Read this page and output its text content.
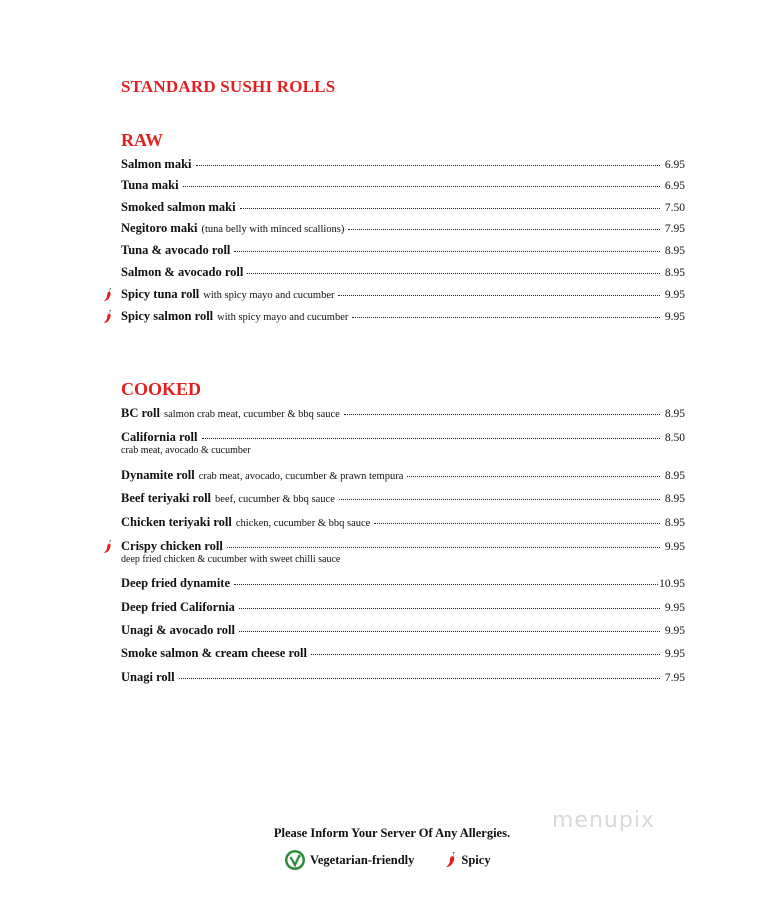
STANDARD SUSHI ROLLS
RAW
Salmon maki	6.95
Tuna maki	6.95
Smoked salmon maki	7.50
Negitoro maki (tuna belly with minced scallions)	7.95
Tuna & avocado roll	8.95
Salmon & avocado roll	8.95
Spicy tuna roll with spicy mayo and cucumber	9.95
Spicy salmon roll with spicy mayo and cucumber	9.95
COOKED
BC roll salmon crab meat, cucumber & bbq sauce	8.95
California roll	8.50
crab meat, avocado & cucumber
Dynamite roll crab meat, avocado, cucumber & prawn tempura	8.95
Beef teriyaki roll beef, cucumber & bbq sauce	8.95
Chicken teriyaki roll chicken, cucumber & bbq sauce	8.95
Crispy chicken roll	9.95
deep fried chicken & cucumber with sweet chilli sauce
Deep fried dynamite	10.95
Deep fried California	9.95
Unagi & avocado roll	9.95
Smoke salmon & cream cheese roll	9.95
Unagi roll	7.95
Please Inform Your Server Of Any Allergies.
Vegetarian-friendly	Spicy
menupix
